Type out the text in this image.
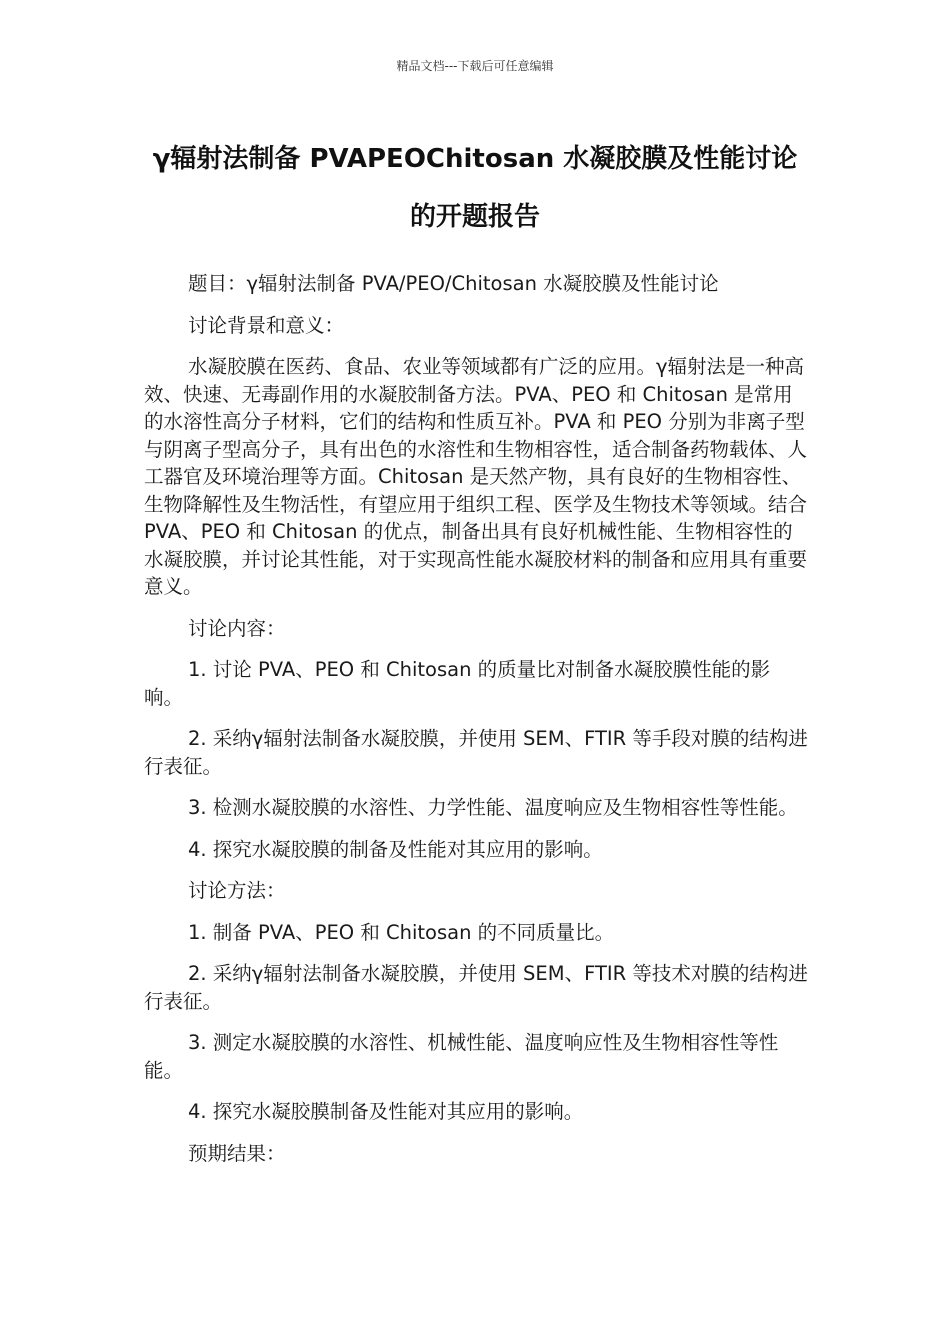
精品文档---下载后可任意编辑
γ辐射法制备 PVAPEOChitosan 水凝胶膜及性能讨论的开题报告

题目：γ辐射法制备 PVA/PEO/Chitosan 水凝胶膜及性能讨论

讨论背景和意义：

水凝胶膜在医药、食品、农业等领域都有广泛的应用。γ辐射法是一种高效、快速、无毒副作用的水凝胶制备方法。PVA、PEO 和 Chitosan 是常用的水溶性高分子材料，它们的结构和性质互补。PVA 和 PEO 分别为非离子型与阴离子型高分子，具有出色的水溶性和生物相容性，适合制备药物载体、人工器官及环境治理等方面。Chitosan 是天然产物，具有良好的生物相容性、生物降解性及生物活性，有望应用于组织工程、医学及生物技术等领域。结合 PVA、PEO 和 Chitosan 的优点，制备出具有良好机械性能、生物相容性的水凝胶膜，并讨论其性能，对于实现高性能水凝胶材料的制备和应用具有重要意义。

讨论内容：

1. 讨论 PVA、PEO 和 Chitosan 的质量比对制备水凝胶膜性能的影响。

2. 采纳γ辐射法制备水凝胶膜，并使用 SEM、FTIR 等手段对膜的结构进行表征。

3. 检测水凝胶膜的水溶性、力学性能、温度响应及生物相容性等性能。

4. 探究水凝胶膜的制备及性能对其应用的影响。

讨论方法：

1. 制备 PVA、PEO 和 Chitosan 的不同质量比。

2. 采纳γ辐射法制备水凝胶膜，并使用 SEM、FTIR 等技术对膜的结构进行表征。

3. 测定水凝胶膜的水溶性、机械性能、温度响应性及生物相容性等性能。

4. 探究水凝胶膜制备及性能对其应用的影响。

预期结果：
